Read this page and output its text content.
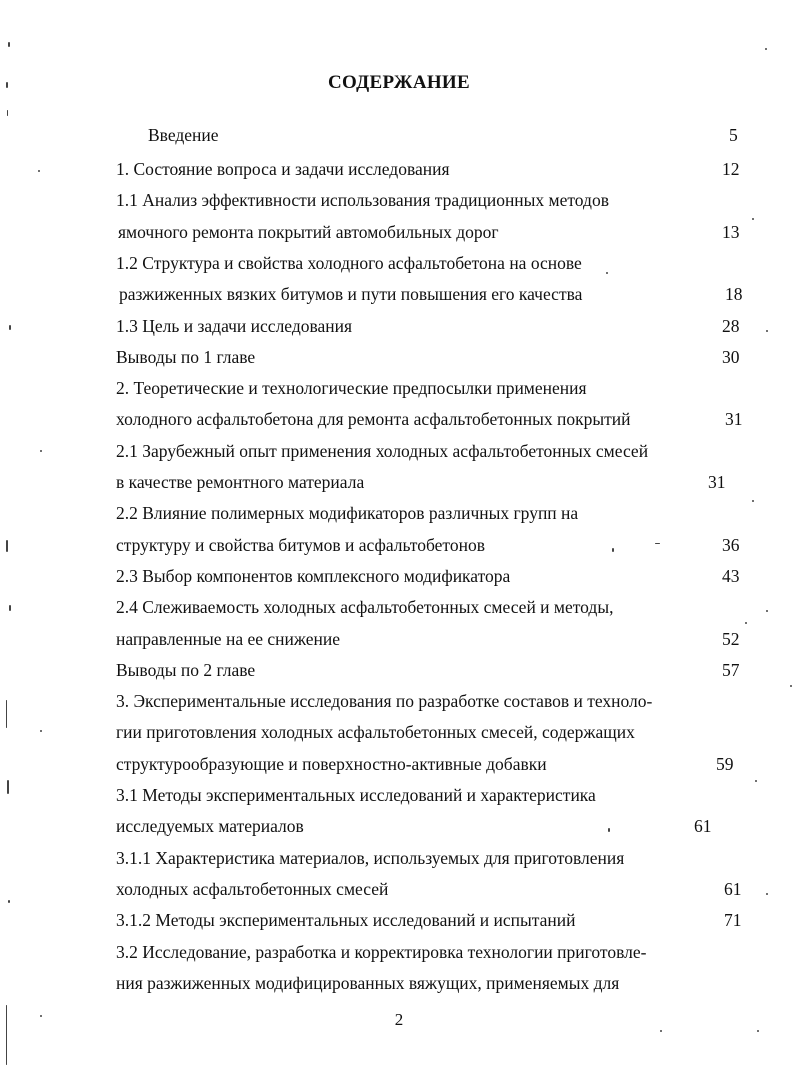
СОДЕРЖАНИЕ
Введение	5
1. Состояние вопроса и задачи исследования	12
1.1 Анализ эффективности использования традиционных методов
ямочного ремонта покрытий автомобильных дорог	13
1.2 Структура и свойства холодного асфальтобетона на основе
разжиженных вязких битумов и пути повышения его качества	18
1.3 Цель и задачи исследования	28
Выводы по 1 главе	30
2. Теоретические и технологические предпосылки применения
холодного асфальтобетона для ремонта асфальтобетонных покрытий	31
2.1 Зарубежный опыт применения холодных асфальтобетонных смесей
в качестве ремонтного материала	31
2.2 Влияние полимерных модификаторов различных групп на
структуру и свойства битумов и асфальтобетонов	36
2.3 Выбор компонентов комплексного модификатора	43
2.4 Слеживаемость холодных асфальтобетонных смесей и методы,
направленные на ее снижение	52
Выводы по 2 главе	57
3. Экспериментальные исследования по разработке составов и техноло-
гии приготовления холодных асфальтобетонных смесей, содержащих
структурообразующие и поверхностно-активные добавки	59
3.1 Методы экспериментальных исследований и характеристика
исследуемых материалов	61
3.1.1 Характеристика материалов, используемых для приготовления
холодных асфальтобетонных смесей	61
3.1.2 Методы экспериментальных исследований и испытаний	71
3.2 Исследование, разработка и корректировка технологии приготовле-
ния разжиженных модифицированных вяжущих, применяемых для
2
